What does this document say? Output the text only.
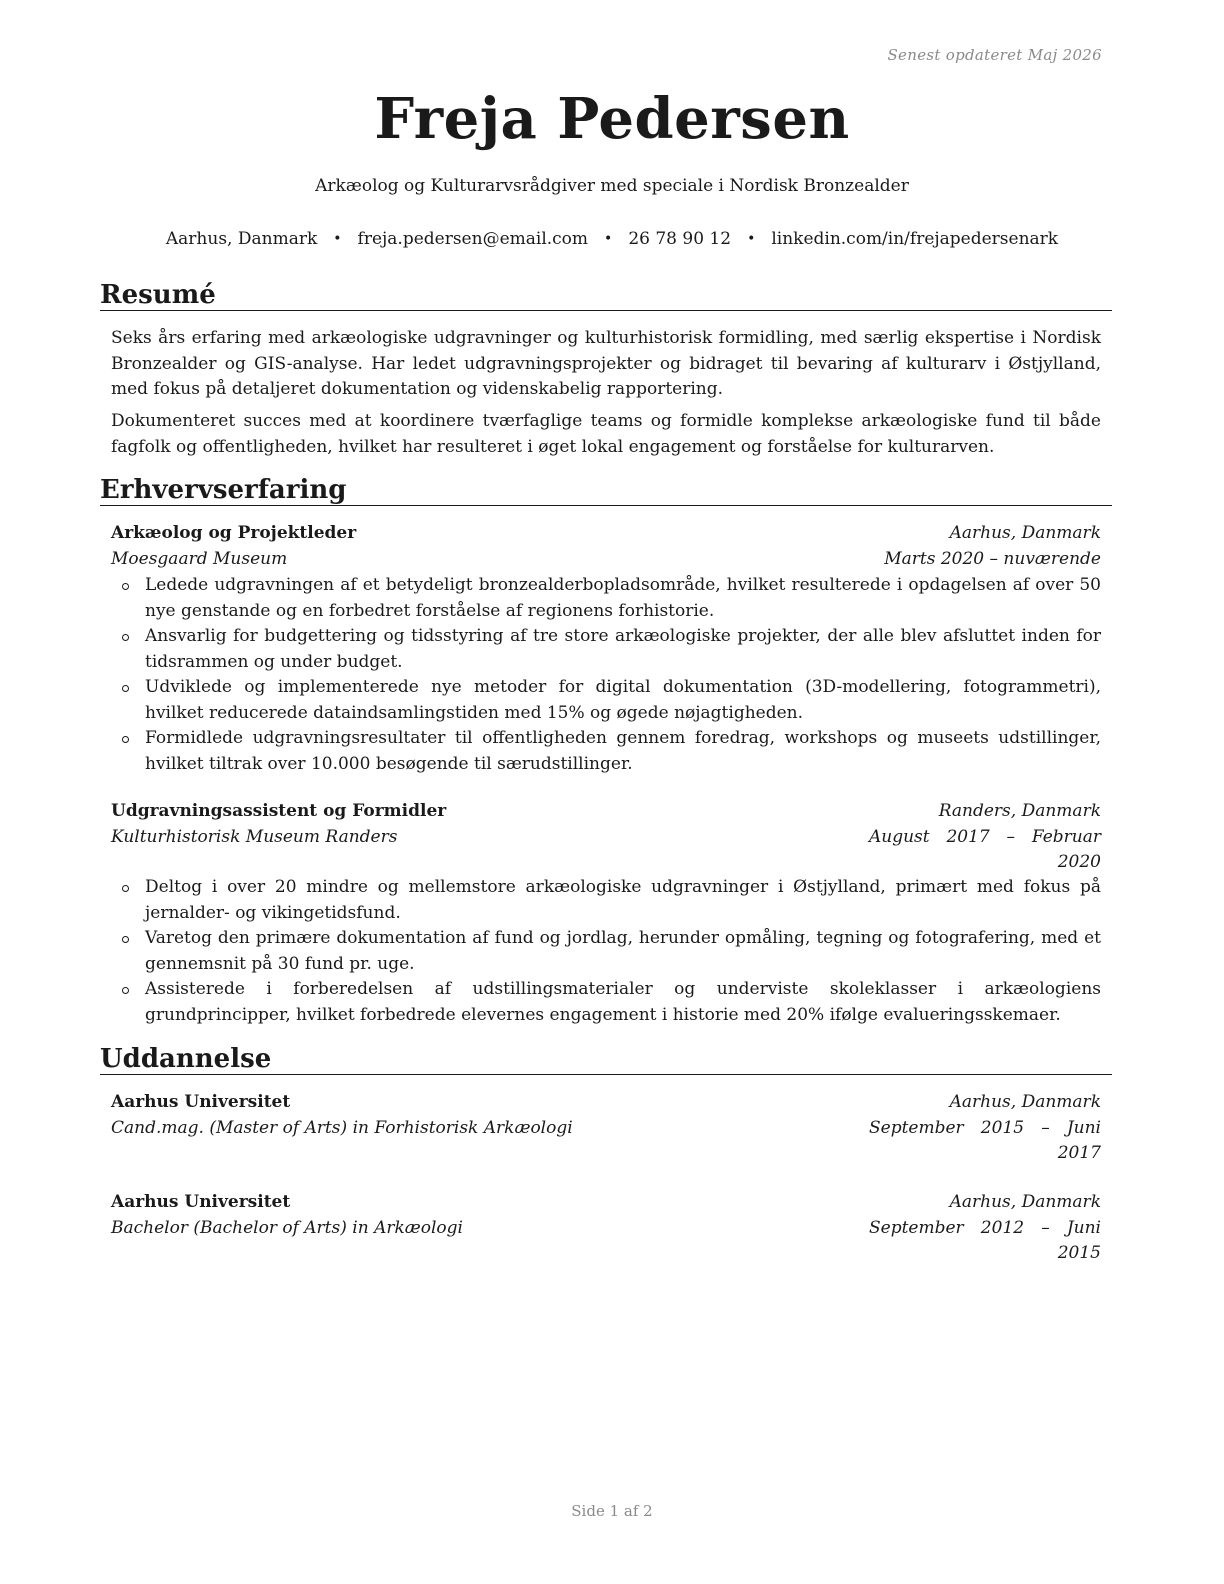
Senest opdateret Maj 2026
Freja Pedersen
Arkæolog og Kulturarvsrådgiver med speciale i Nordisk Bronzealder
Aarhus, Danmark • freja.pedersen@email.com • 26 78 90 12 • linkedin.com/in/frejapedersenark
Resumé
Seks års erfaring med arkæologiske udgravninger og kulturhistorisk formidling, med særlig ekspertise i Nordisk Bronzealder og GIS-analyse. Har ledet udgravningsprojekter og bidraget til bevaring af kulturarv i Østjylland, med fokus på detaljeret dokumentation og videnskabelig rapportering.
Dokumenteret succes med at koordinere tværfaglige teams og formidle komplekse arkæologiske fund til både fagfolk og offentligheden, hvilket har resulteret i øget lokal engagement og forståelse for kulturarven.
Erhvervserfaring
Arkæolog og Projektleder	Aarhus, Danmark
Moesgaard Museum	Marts 2020 – nuværende
Ledede udgravningen af et betydeligt bronzealderbopladsområde, hvilket resulterede i opdagelsen af over 50 nye genstande og en forbedret forståelse af regionens forhistorie.
Ansvarlig for budgettering og tidsstyring af tre store arkæologiske projekter, der alle blev afsluttet inden for tidsrammen og under budget.
Udviklede og implementerede nye metoder for digital dokumentation (3D-modellering, fotogrammetri), hvilket reducerede dataindsamlingstiden med 15% og øgede nøjagtigheden.
Formidlede udgravningsresultater til offentligheden gennem foredrag, workshops og museets udstillinger, hvilket tiltrak over 10.000 besøgende til særudstillinger.
Udgravningsassistent og Formidler	Randers, Danmark
Kulturhistorisk Museum Randers	August 2017 – Februar 2020
Deltog i over 20 mindre og mellemstore arkæologiske udgravninger i Østjylland, primært med fokus på jernalder- og vikingetidsfund.
Varetog den primære dokumentation af fund og jordlag, herunder opmåling, tegning og fotografering, med et gennemsnit på 30 fund pr. uge.
Assisterede i forberedelsen af udstillingsmaterialer og underviste skoleklasser i arkæologiens grundprincipper, hvilket forbedrede elevernes engagement i historie med 20% ifølge evalueringsskemaer.
Uddannelse
Aarhus Universitet	Aarhus, Danmark
Cand.mag. (Master of Arts) in Forhistorisk Arkæologi	September 2015 – Juni 2017
Aarhus Universitet	Aarhus, Danmark
Bachelor (Bachelor of Arts) in Arkæologi	September 2012 – Juni 2015
Side 1 af 2
